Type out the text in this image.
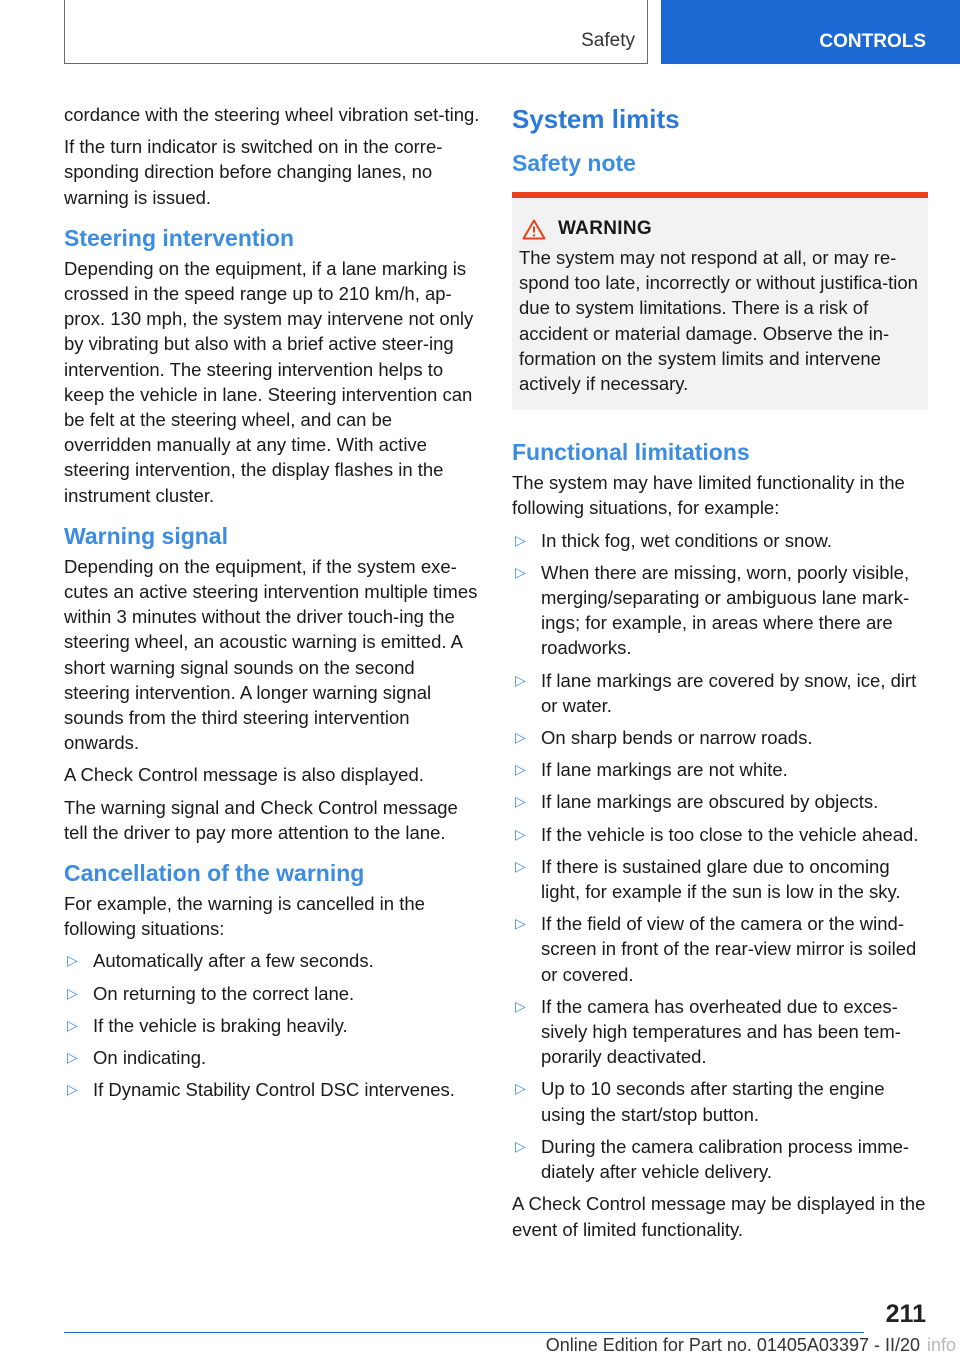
Safety	CONTROLS

cordance with the steering wheel vibration set-ting.

If the turn indicator is switched on in the corre-sponding direction before changing lanes, no warning is issued.

Steering intervention

Depending on the equipment, if a lane marking is crossed in the speed range up to 210 km/h, ap-prox. 130 mph, the system may intervene not only by vibrating but also with a brief active steer-ing intervention. The steering intervention helps to keep the vehicle in lane. Steering intervention can be felt at the steering wheel, and can be overridden manually at any time. With active steering intervention, the display flashes in the instrument cluster.

Warning signal

Depending on the equipment, if the system exe-cutes an active steering intervention multiple times within 3 minutes without the driver touch-ing the steering wheel, an acoustic warning is emitted. A short warning signal sounds on the second steering intervention. A longer warning signal sounds from the third steering intervention onwards.

A Check Control message is also displayed.

The warning signal and Check Control message tell the driver to pay more attention to the lane.

Cancellation of the warning

For example, the warning is cancelled in the following situations:

▷ Automatically after a few seconds.
▷ On returning to the correct lane.
▷ If the vehicle is braking heavily.
▷ On indicating.
▷ If Dynamic Stability Control DSC intervenes.
System limits
Safety note
WARNING

The system may not respond at all, or may re-spond too late, incorrectly or without justifica-tion due to system limitations. There is a risk of accident or material damage. Observe the in-formation on the system limits and intervene actively if necessary.

Functional limitations

The system may have limited functionality in the following situations, for example:

▷ In thick fog, wet conditions or snow.
▷ When there are missing, worn, poorly visible, merging/separating or ambiguous lane mark-ings; for example, in areas where there are roadworks.
▷ If lane markings are covered by snow, ice, dirt or water.
▷ On sharp bends or narrow roads.
▷ If lane markings are not white.
▷ If lane markings are obscured by objects.
▷ If the vehicle is too close to the vehicle ahead.
▷ If there is sustained glare due to oncoming light, for example if the sun is low in the sky.
▷ If the field of view of the camera or the wind-screen in front of the rear-view mirror is soiled or covered.
▷ If the camera has overheated due to exces-sively high temperatures and has been tem-porarily deactivated.
▷ Up to 10 seconds after starting the engine using the start/stop button.
▷ During the camera calibration process imme-diately after vehicle delivery.

A Check Control message may be displayed in the event of limited functionality.

211
Online Edition for Part no. 01405A03397 - II/20 info
